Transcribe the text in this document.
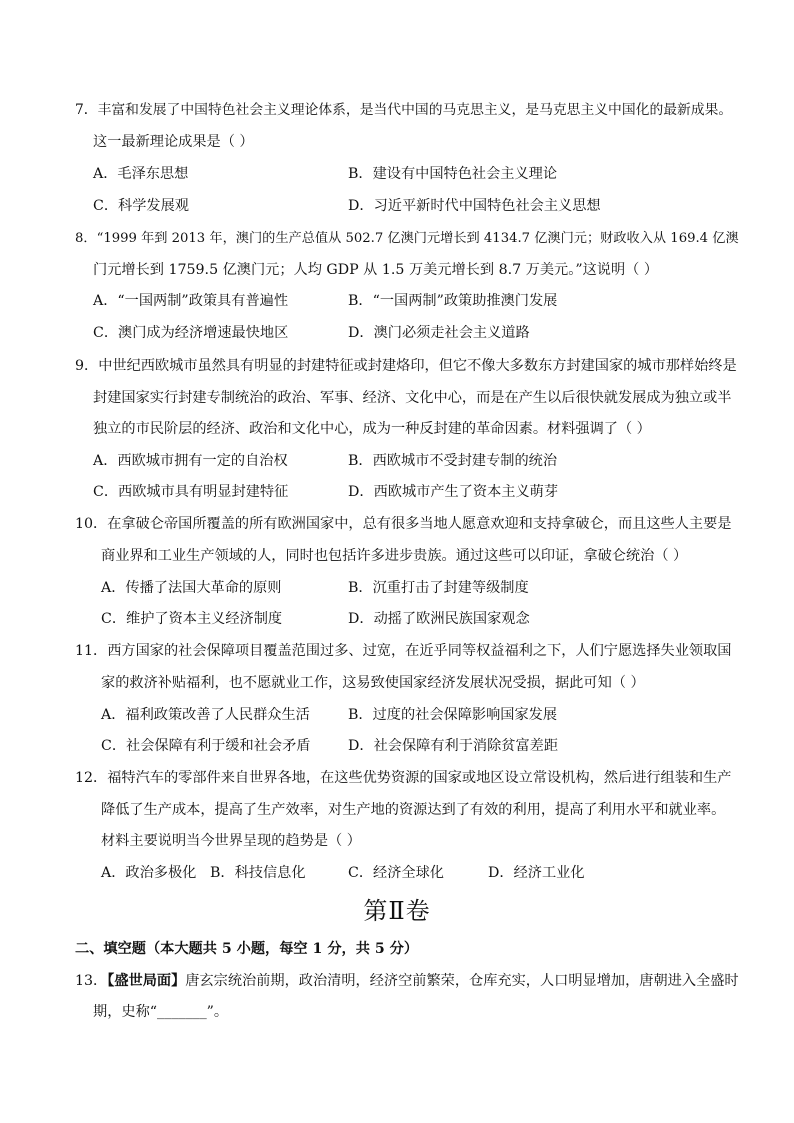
7．丰富和发展了中国特色社会主义理论体系，是当代中国的马克思主义，是马克思主义中国化的最新成果。
这一最新理论成果是（ ）
A．毛泽东思想	B．建设有中国特色社会主义理论
C．科学发展观	D．习近平新时代中国特色社会主义思想
8．“1999 年到 2013 年，澳门的生产总值从 502.7 亿澳门元增长到 4134.7 亿澳门元；财政收入从 169.4 亿澳
门元增长到 1759.5 亿澳门元；人均 GDP 从 1.5 万美元增长到 8.7 万美元。”这说明（ ）
A．“一国两制”政策具有普遍性	B．“一国两制”政策助推澳门发展
C．澳门成为经济增速最快地区	D．澳门必须走社会主义道路
9．中世纪西欧城市虽然具有明显的封建特征或封建烙印，但它不像大多数东方封建国家的城市那样始终是
封建国家实行封建专制统治的政治、军事、经济、文化中心，而是在产生以后很快就发展成为独立或半
独立的市民阶层的经济、政治和文化中心，成为一种反封建的革命因素。材料强调了（ ）
A．西欧城市拥有一定的自治权	B．西欧城市不受封建专制的统治
C．西欧城市具有明显封建特征	D．西欧城市产生了资本主义萌芽
10．在拿破仑帝国所覆盖的所有欧洲国家中，总有很多当地人愿意欢迎和支持拿破仑，而且这些人主要是
商业界和工业生产领域的人，同时也包括许多进步贵族。通过这些可以印证，拿破仑统治（ ）
A．传播了法国大革命的原则	B．沉重打击了封建等级制度
C．维护了资本主义经济制度	D．动摇了欧洲民族国家观念
11．西方国家的社会保障项目覆盖范围过多、过宽，在近乎同等权益福利之下，人们宁愿选择失业领取国
家的救济补贴福利，也不愿就业工作，这易致使国家经济发展状况受损，据此可知（ ）
A．福利政策改善了人民群众生活	B．过度的社会保障影响国家发展
C．社会保障有利于缓和社会矛盾	D．社会保障有利于消除贫富差距
12．福特汽车的零部件来自世界各地，在这些优势资源的国家或地区设立常设机构，然后进行组装和生产
降低了生产成本，提高了生产效率，对生产地的资源达到了有效的利用，提高了利用水平和就业率。
材料主要说明当今世界呈现的趋势是（ ）
A．政治多极化 B．科技信息化	C．经济全球化	D．经济工业化
第Ⅱ卷
二、填空题（本大题共 5 小题，每空 1 分，共 5 分）
13．【盛世局面】唐玄宗统治前期，政治清明，经济空前繁荣，仓库充实，人口明显增加，唐朝进入全盛时
期，史称“_______”。
